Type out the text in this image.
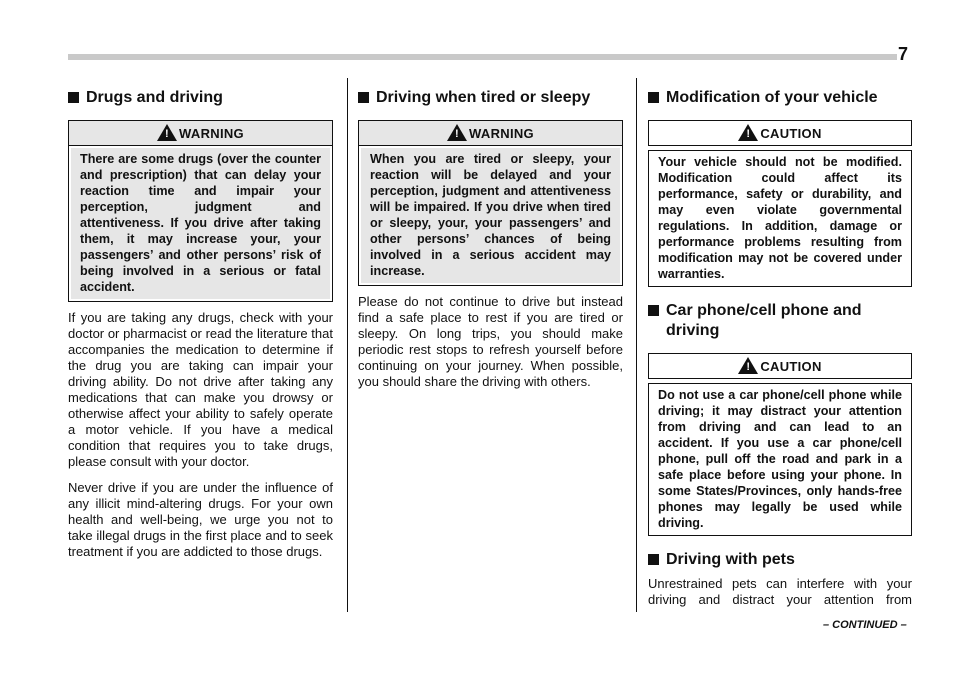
7
Drugs and driving
! WARNING
There are some drugs (over the counter and prescription) that can delay your reaction time and impair your perception, judgment and attentiveness. If you drive after taking them, it may increase your, your passengers’ and other persons’ risk of being involved in a serious or fatal accident.

If you are taking any drugs, check with your doctor or pharmacist or read the literature that accompanies the medication to determine if the drug you are taking can impair your driving ability. Do not drive after taking any medications that can make you drowsy or otherwise affect your ability to safely operate a motor vehicle. If you have a medical condition that requires you to take drugs, please consult with your doctor.

Never drive if you are under the influence of any illicit mind-altering drugs. For your own health and well-being, we urge you not to take illegal drugs in the first place and to seek treatment if you are addicted to those drugs.

Driving when tired or sleepy
! WARNING
When you are tired or sleepy, your reaction will be delayed and your perception, judgment and attentiveness will be impaired. If you drive when tired or sleepy, your, your passengers’ and other persons’ chances of being involved in a serious accident may increase.

Please do not continue to drive but instead find a safe place to rest if you are tired or sleepy. On long trips, you should make periodic rest stops to refresh yourself before continuing on your journey. When possible, you should share the driving with others.

Modification of your vehicle
! CAUTION
Your vehicle should not be modified. Modification could affect its performance, safety or durability, and may even violate governmental regulations. In addition, damage or performance problems resulting from modification may not be covered under warranties.
Car phone/cell phone and driving
! CAUTION
Do not use a car phone/cell phone while driving; it may distract your attention from driving and can lead to an accident. If you use a car phone/cell phone, pull off the road and park in a safe place before using your phone. In some States/Provinces, only hands-free phones may legally be used while driving.
Driving with pets

Unrestrained pets can interfere with your driving and distract your attention from

– CONTINUED –
